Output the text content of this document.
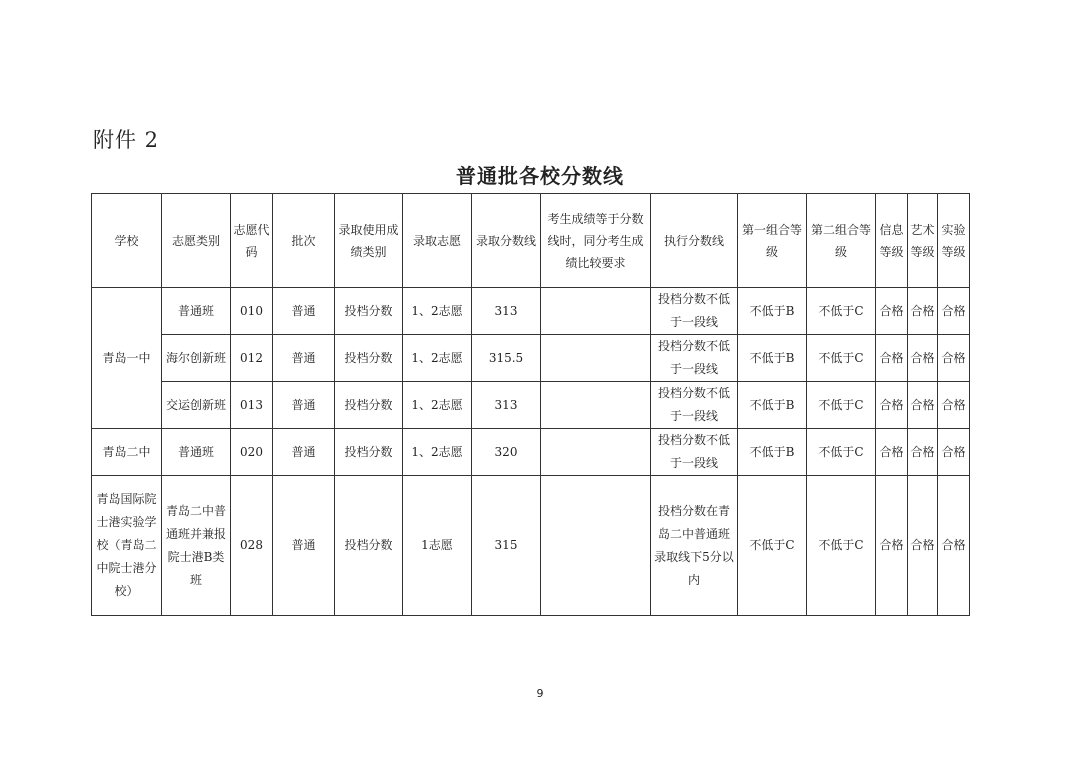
附件 2
普通批各校分数线
学校	志愿类别	志愿代码	批次	录取使用成绩类别	录取志愿	录取分数线	考生成绩等于分数线时，同分考生成绩比较要求	执行分数线	第一组合等级	第二组合等级	信息等级	艺术等级	实验等级
青岛一中	普通班	010	普通	投档分数	1、2志愿	313		投档分数不低于一段线	不低于B	不低于C	合格	合格	合格
	海尔创新班	012	普通	投档分数	1、2志愿	315.5		投档分数不低于一段线	不低于B	不低于C	合格	合格	合格
	交运创新班	013	普通	投档分数	1、2志愿	313		投档分数不低于一段线	不低于B	不低于C	合格	合格	合格
青岛二中	普通班	020	普通	投档分数	1、2志愿	320		投档分数不低于一段线	不低于B	不低于C	合格	合格	合格
青岛国际院士港实验学校（青岛二中院士港分校）	青岛二中普通班并兼报院士港B类班	028	普通	投档分数	1志愿	315		投档分数在青岛二中普通班录取线下5分以内	不低于C	不低于C	合格	合格	合格
9
